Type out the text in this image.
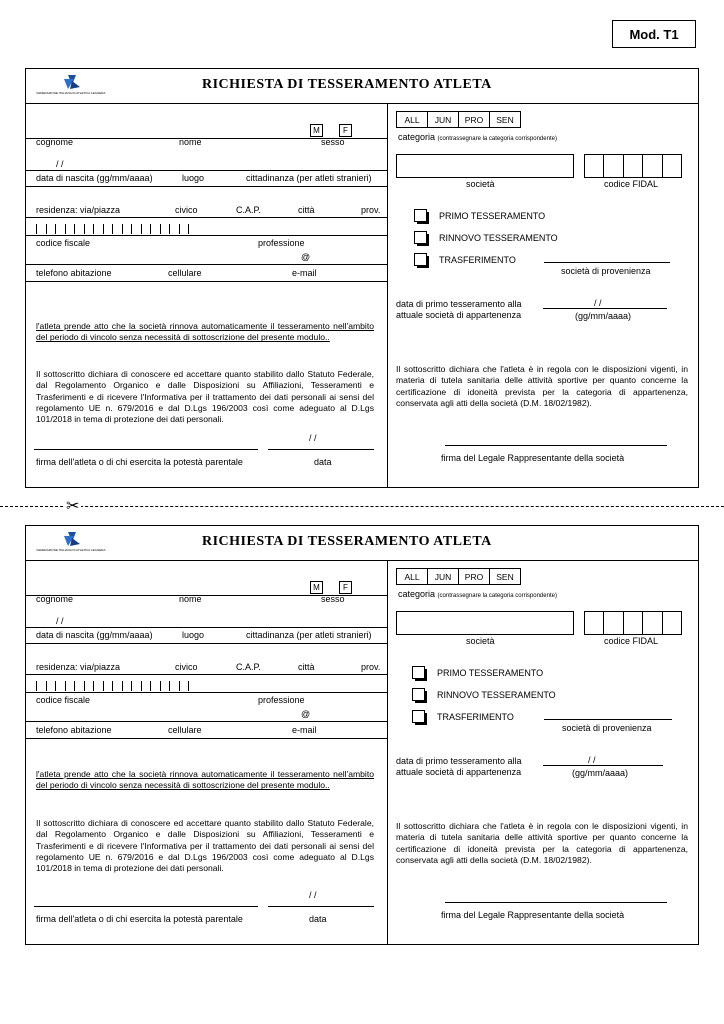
Mod. T1
FEDERAZIONE ITALIANA DI ATLETICA LEGGERA
RICHIESTA DI TESSERAMENTO ATLETA
M	F
cognome	nome	sesso
/ /
data di nascita (gg/mm/aaaa)	luogo	cittadinanza (per atleti stranieri)
residenza: via/piazza	civico	C.A.P.	città	prov.
codice fiscale	professione
@
telefono abitazione	cellulare	e-mail
l'atleta prende atto che la società rinnova automaticamente il tesseramento nell'ambito del periodo di vincolo senza necessità di sottoscrizione del presente modulo..
Il sottoscritto dichiara di conoscere ed accettare quanto stabilito dallo Statuto Federale, dal Regolamento Organico e dalle Disposizioni su Affiliazioni, Tesseramenti e Trasferimenti e di ricevere l'Informativa per il trattamento dei dati personali ai sensi del regolamento UE n. 679/2016 e dal D.Lgs 196/2003 così come adeguato al D.Lgs 101/2018 in tema di protezione dei dati personali.
/ /
firma dell'atleta o di chi esercita la potestà parentale	data
ALL	JUN	PRO	SEN
categoria (contrassegnare la categoria corrispondente)
società	codice FIDAL
PRIMO TESSERAMENTO
RINNOVO TESSERAMENTO
TRASFERIMENTO
società di provenienza
data di primo tesseramento alla
attuale società di appartenenza
/ /
(gg/mm/aaaa)
Il sottoscritto dichiara che l'atleta è in regola con le disposizioni vigenti, in materia di tutela sanitaria delle attività sportive per quanto concerne la certificazione di idoneità prevista per la categoria di appartenenza, conservata agli atti della società (D.M. 18/02/1982).
firma del Legale Rappresentante della società
✂
FEDERAZIONE ITALIANA DI ATLETICA LEGGERA
RICHIESTA DI TESSERAMENTO ATLETA
M	F
cognome	nome	sesso
/ /
data di nascita (gg/mm/aaaa)	luogo	cittadinanza (per atleti stranieri)
residenza: via/piazza	civico	C.A.P.	città	prov.
codice fiscale	professione
@
telefono abitazione	cellulare	e-mail
l'atleta prende atto che la società rinnova automaticamente il tesseramento nell'ambito del periodo di vincolo senza necessità di sottoscrizione del presente modulo..
Il sottoscritto dichiara di conoscere ed accettare quanto stabilito dallo Statuto Federale, dal Regolamento Organico e dalle Disposizioni su Affiliazioni, Tesseramenti e Trasferimenti e di ricevere l'Informativa per il trattamento dei dati personali ai sensi del regolamento UE n. 679/2016 e dal D.Lgs 196/2003 così come adeguato al D.Lgs 101/2018 in tema di protezione dei dati personali.
/ /
firma dell'atleta o di chi esercita la potestà parentale	data
ALL	JUN	PRO	SEN
categoria (contrassegnare la categoria corrispondente)
società	codice FIDAL
PRIMO TESSERAMENTO
RINNOVO TESSERAMENTO
TRASFERIMENTO
società di provenienza
data di primo tesseramento alla
attuale società di appartenenza
/ /
(gg/mm/aaaa)
Il sottoscritto dichiara che l'atleta è in regola con le disposizioni vigenti, in materia di tutela sanitaria delle attività sportive per quanto concerne la certificazione di idoneità prevista per la categoria di appartenenza, conservata agli atti della società (D.M. 18/02/1982).
firma del Legale Rappresentante della società
